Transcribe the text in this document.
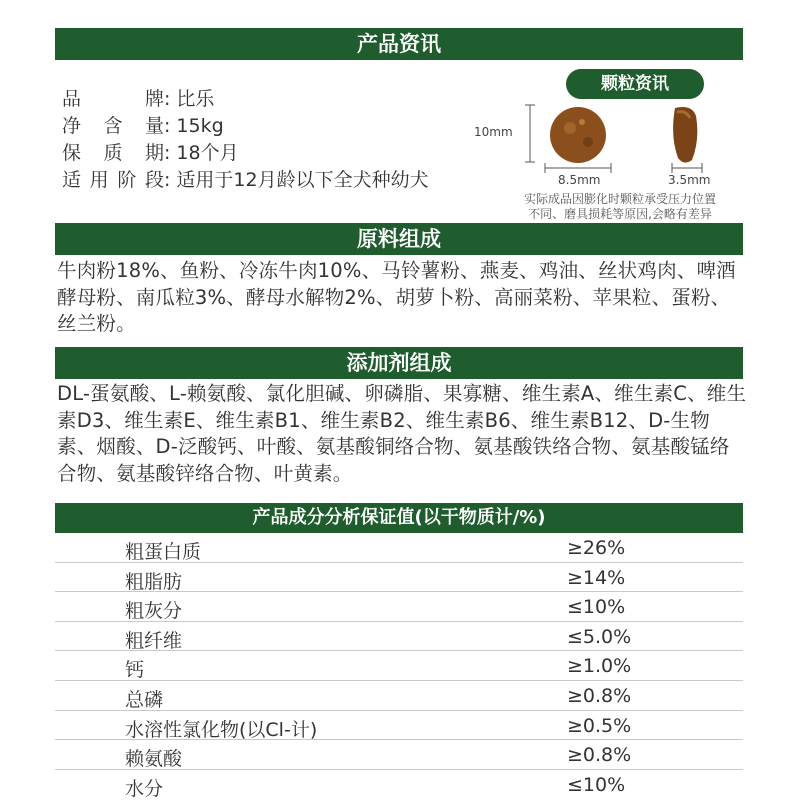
产品资讯
品	牌 : 比乐
净 含 量 : 15kg
保 质 期 : 18个月
适 用 阶 段 : 适用于12月龄以下全犬种幼犬
颗粒资讯
10mm
8.5mm	3.5mm
实际成品因膨化时颗粒承受压力位置
不同、磨具损耗等原因,会略有差异
原料组成
牛肉粉18%、鱼粉、冷冻牛肉10%、马铃薯粉、燕麦、鸡油、丝状鸡肉、啤酒酵母粉、南瓜粒3%、酵母水解物2%、胡萝卜粉、高丽菜粉、苹果粒、蛋粉、丝兰粉。
添加剂组成
DL-蛋氨酸、L-赖氨酸、氯化胆碱、卵磷脂、果寡糖、维生素A、维生素C、维生素D3、维生素E、维生素B1、维生素B2、维生素B6、维生素B12、D-生物素、烟酸、D-泛酸钙、叶酸、氨基酸铜络合物、氨基酸铁络合物、氨基酸锰络合物、氨基酸锌络合物、叶黄素。
产品成分分析保证值(以干物质计/%)
粗蛋白质	≥26%
粗脂肪	≥14%
粗灰分	≤10%
粗纤维	≤5.0%
钙	≥1.0%
总磷	≥0.8%
水溶性氯化物(以Cl-计)	≥0.5%
赖氨酸	≥0.8%
水分	≤10%
